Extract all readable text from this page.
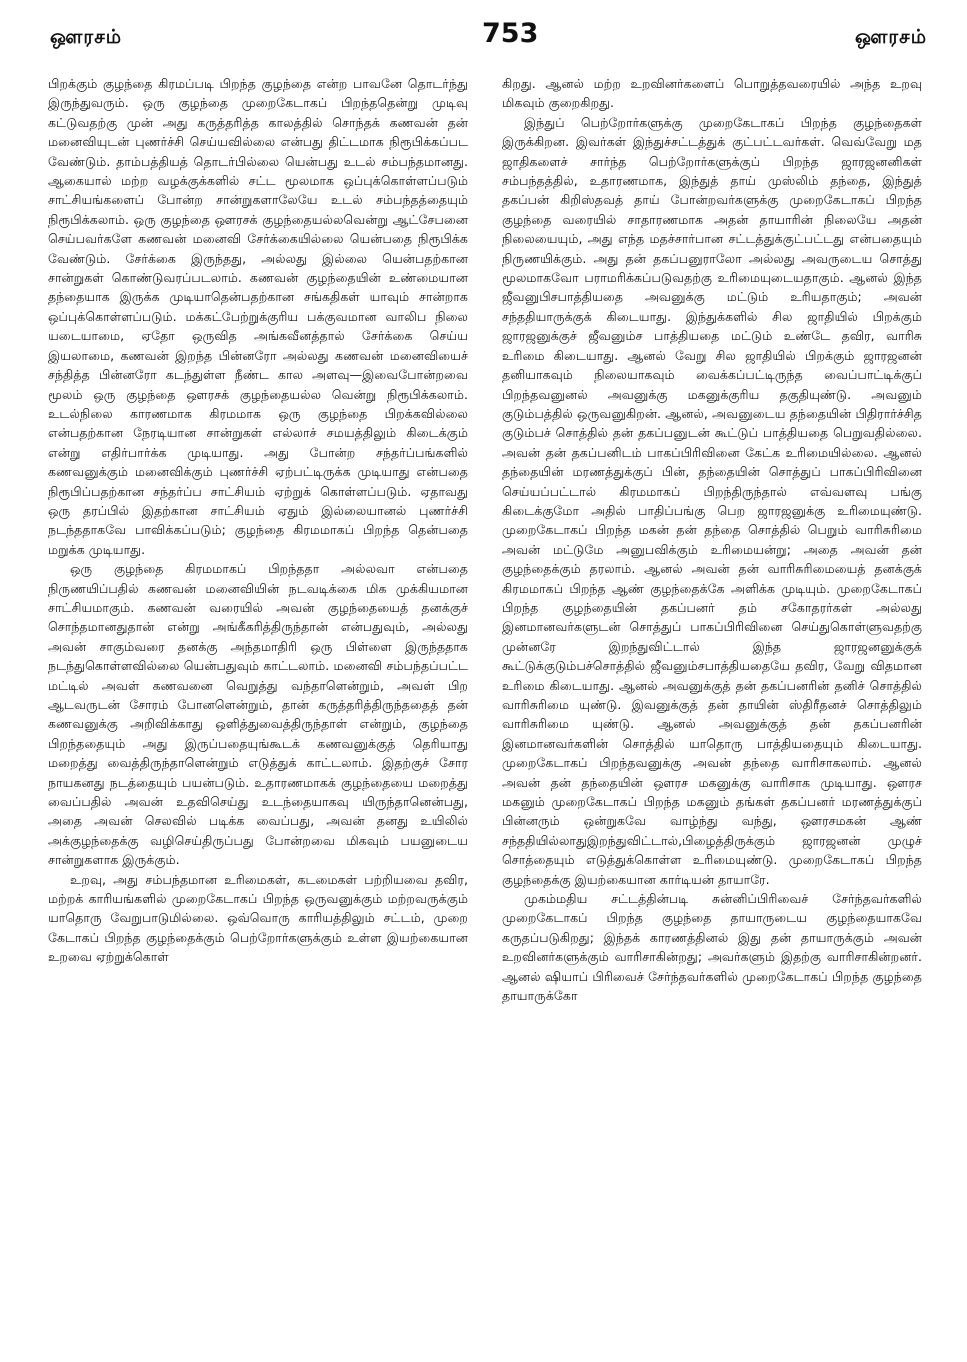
ஔரசம்	753	ஔரசம்

பிறக்கும் குழந்தை கிரமப்படி பிறந்த குழந்தை என்ற பாவனே தொடர்ந்து இருந்துவரும். ஒரு குழந்தை முறைகேடாகப் பிறந்ததென்று முடிவு கட்டுவதற்கு முன் அது கருத்தரித்த காலத்தில் சொந்தக் கணவன் தன் மனைவியுடன் புணர்ச்சி செய்யவில்லை என்பது திட்டமாக நிரூபிக்கப்பட வேண்டும். தாம்பத்தியத் தொடர்பில்லை யென்பது உடல் சம்பந்தமானது. ஆகையால் மற்ற வழக்குக்களில் சட்ட மூலமாக ஒப்புக்கொள்ளப்படும் சாட்சியங்களைப் போன்ற சான்றுகளாலேயே உடல் சம்பந்தத்தையும் நிரூபிக்கலாம். ஒரு குழந்தை ஔரசக் குழந்தையல்லவென்று ஆட்சேபனை செய்பவர்களே கணவன் மனைவி சேர்க்கையில்லை யென்பதை நிரூபிக்க வேண்டும். சேர்க்கை இருந்தது, அல்லது இல்லை யென்பதற்கான சான்றுகள் கொண்டுவரப்படலாம். கணவன் குழந்தையின் உண்மையான தந்தையாக இருக்க முடியாதென்பதற்கான சங்கதிகள் யாவும் சான்றாக ஒப்புக்கொள்ளப்படும். மக்கட்பேற்றுக்குரிய பக்குவமான வாலிப நிலை யடையாமை, ஏதோ ஒருவித அங்கவீனத்தால் சேர்க்கை செய்ய இயலாமை, கணவன் இறந்த பின்னரோ அல்லது கணவன் மனைவியைச் சந்தித்த பின்னரோ கடந்துள்ள நீண்ட கால அளவு—இவைபோன்றவை மூலம் ஒரு குழந்தை ஔரசக் குழந்தையல்ல வென்று நிரூபிக்கலாம். உடல்நிலை காரணமாக கிரமமாக ஒரு குழந்தை பிறக்கவில்லை என்பதற்கான நேரடியான சான்றுகள் எல்லாச் சமயத்திலும் கிடைக்கும் என்று எதிர்பார்க்க முடியாது. அது போன்ற சந்தர்ப்பங்களில் கணவனுக்கும் மனைவிக்கும் புணர்ச்சி ஏற்பட்டிருக்க முடியாது என்பதை நிரூபிப்பதற்கான சந்தர்ப்ப சாட்சியம் ஏற்றுக் கொள்ளப்படும். ஏதாவது ஒரு தரப்பில் இதற்கான சாட்சியம் ஏதும் இல்லையானல் புணர்ச்சி நடந்ததாகவே பாவிக்கப்படும்; குழந்தை கிரமமாகப் பிறந்த தென்பதை மறுக்க முடியாது.

ஒரு குழந்தை கிரமமாகப் பிறந்ததா அல்லவா என்பதை நிருணயிப்பதில் கணவன் மனைவியின் நடவடிக்கை மிக முக்கியமான சாட்சியமாகும். கணவன் வரையில் அவன் குழந்தையைத் தனக்குச் சொந்தமானதுதான் என்று அங்கீகரித்திருந்தான் என்பதுவும், அல்லது அவன் சாகும்வரை தனக்கு அந்தமாதிரி ஒரு பிள்ளை இருந்ததாக நடந்துகொள்ளவில்லை யென்பதுவும் காட்டலாம். மனைவி சம்பந்தப்பட்ட மட்டில் அவள் கணவனை வெறுத்து வந்தாளென்றும், அவள் பிற ஆடவருடன் சோரம் போனளென்றும், தான் கருத்தரித்திருந்ததைத் தன் கணவனுக்கு அறிவிக்காது ஒளித்துவைத்திருந்தாள் என்றும், குழந்தை பிறந்ததையும் அது இருப்பதையுங்கூடக் கணவனுக்குத் தெரியாது மறைத்து வைத்திருந்தாளென்றும் எடுத்துக் காட்டலாம். இதற்குச் சோர நாயகனது நடத்தையும் பயன்படும். உதாரணமாகக் குழந்தையை மறைத்து வைப்பதில் அவன் உதவிசெய்து உடந்தையாகவு யிருந்தானென்பது, அதை அவன் செலவில் படிக்க வைப்பது, அவன் தனது உயிலில் அக்குழந்தைக்கு வழிசெய்திருப்பது போன்றவை மிகவும் பயனுடைய சான்றுகளாக இருக்கும்.

உறவு, அது சம்பந்தமான உரிமைகள், கடமைகள் பற்றியவை தவிர, மற்றக் காரியங்களில் முறைகேடாகப் பிறந்த ஒருவனுக்கும் மற்றவருக்கும் யாதொரு வேறுபாடுமில்லை. ஒவ்வொரு காரியத்திலும் சட்டம், முறை கேடாகப் பிறந்த குழந்தைக்கும் பெற்றோர்களுக்கும் உள்ள இயற்கையான உறவை ஏற்றுக்கொள்

கிறது. ஆனல் மற்ற உறவினர்களைப் பொறுத்தவரையில் அந்த உறவு மிகவும் குறைகிறது.

இந்துப் பெற்றோர்களுக்கு முறைகேடாகப் பிறந்த குழந்தைகள் இருக்கிறன. இவர்கள் இந்துச்சட்டத்துக் குட்பட்டவர்கள். வெவ்வேறு மத ஜாதிகளைச் சார்ந்த பெற்றோர்களுக்குப் பிறந்த ஜாரஜனனிகள் சம்பந்தத்தில், உதாரணமாக, இந்துத் தாய் முஸ்லிம் தந்தை, இந்துத் தகப்பன் கிறிஸ்தவத் தாய் போன்றவர்களுக்கு முறைகேடாகப் பிறந்த குழந்தை வரையில் சாதாரணமாக அதன் தாயாரின் நிலையே அதன் நிலையையும், அது எந்த மதச்சார்பான சட்டத்துக்குட்பட்டது என்பதையும் நிருணயிக்கும். அது தன் தகப்பனுராலோ அல்லது அவருடைய சொத்து மூலமாகவோ பராமரிக்கப்படுவதற்கு உரிமையுடையதாகும். ஆனல் இந்த ஜீவனுபிசபாத்தியதை அவனுக்கு மட்டும் உரியதாகும்; அவன் சந்ததியாருக்குக் கிடையாது. இந்துக்களில் சில ஜாதியில் பிறக்கும் ஜாரஜனுக்குச் ஜீவனும்ச பாத்தியதை மட்டும் உண்டே தவிர, வாரிசு உரிமை கிடையாது. ஆனல் வேறு சில ஜாதியில் பிறக்கும் ஜாரஜனன் தனியாகவும் நிலையாகவும் வைக்கப்பட்டிருந்த வைப்பாட்டிக்குப் பிறந்தவனுனல் அவனுக்கு மகனுக்குரிய தகுதியுண்டு. அவனும் குடும்பத்தில் ஒருவனுகிறன். ஆனல், அவனுடைய தந்தையின் பிதிரார்ச்சித குடும்பச் சொத்தில் தன் தகப்பனுடன் கூட்டுப் பாத்தியதை பெறுவதில்லை. அவன் தன் தகப்பனிடம் பாகப்பிரிவினை கேட்க உரிமையில்லை. ஆனல் தந்தையின் மரணத்துக்குப் பின், தந்தையின் சொத்துப் பாகப்பிரிவினை செய்யப்பட்டால் கிரமமாகப் பிறந்திருந்தால் எவ்வளவு பங்கு கிடைக்குமோ அதில் பாதிப்பங்கு பெற ஜாரஜனுக்கு உரிமையுண்டு. முறைகேடாகப் பிறந்த மகன் தன் தந்தை சொத்தில் பெறும் வாரிசுரிமை அவன் மட்டுமே அனுபவிக்கும் உரிமையன்று; அதை அவன் தன் குழந்தைக்கும் தரலாம். ஆனல் அவன் தன் வாரிசுரிமையைத் தனக்குக் கிரமமாகப் பிறந்த ஆண் குழந்தைக்கே அளிக்க முடியும். முறைகேடாகப் பிறந்த குழந்தையின் தகப்பனர் தம் சகோதரர்கள் அல்லது இனமானவர்களுடன் சொத்துப் பாகப்பிரிவினை செய்துகொள்ளுவதற்கு முன்னரே இறந்துவிட்டால் இந்த ஜாரஜனனுக்குக் கூட்டுக்குடும்பச்சொத்தில் ஜீவனும்சபாத்தியதையே தவிர, வேறு விதமான உரிமை கிடையாது. ஆனல் அவனுக்குத் தன் தகப்பனரின் தனிச் சொத்தில் வாரிசுரிமை யுண்டு. இவனுக்குத் தன் தாயின் ஸ்திரீதனச் சொத்திலும் வாரிசுரிமை யுண்டு. ஆனல் அவனுக்குத் தன் தகப்பனரின் இனமானவர்களின் சொத்தில் யாதொரு பாத்தியதையும் கிடையாது. முறைகேடாகப் பிறந்தவனுக்கு அவன் தந்தை வாரிசாகலாம். ஆனல் அவன் தன் தந்தையின் ஔரச மகனுக்கு வாரிசாக முடியாது. ஔரச மகனும் முறைகேடாகப் பிறந்த மகனும் தங்கள் தகப்பனர் மரணத்துக்குப் பின்னரும் ஒன்றுகவே வாழ்ந்து வந்து, ஔரசமகன் ஆண் சந்ததியில்லாதுஇறந்துவிட்டால்,பிழைத்திருக்கும் ஜாரஜனன் முழுச் சொத்தையும் எடுத்துக்கொள்ள உரிமையுண்டு. முறைகேடாகப் பிறந்த குழந்தைக்கு இயற்கையான கார்டியன் தாயாரே.

முகம்மதிய சட்டத்தின்படி சுன்னிப்பிரிவைச் சேர்ந்தவர்களில் முறைகேடாகப் பிறந்த குழந்தை தாயாருடைய குழந்தையாகவே கருதப்படுகிறது; இந்தக் காரணத்தினல் இது தன் தாயாருக்கும் அவன் உறவினர்களுக்கும் வாரிசாகின்றது; அவர்களும் இதற்கு வாரிசாகின்றனர். ஆனல் ஷியாப் பிரிவைச் சேர்ந்தவர்களில் முறைகேடாகப் பிறந்த குழந்தை தாயாருக்கோ
